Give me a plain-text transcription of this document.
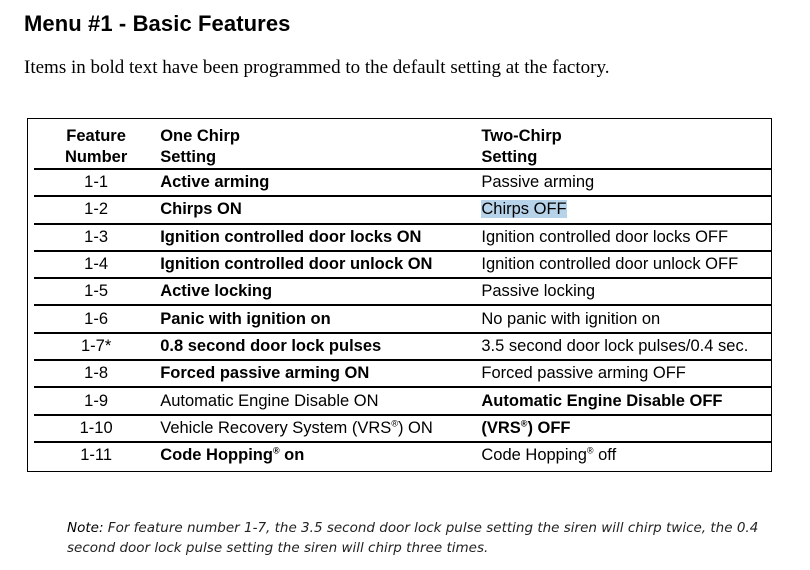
Menu #1 - Basic Features
Items in bold text have been programmed to the default setting at the factory.
Feature Number	One Chirp Setting	Two-Chirp Setting
1-1	Active arming	Passive arming
1-2	Chirps ON	Chirps OFF
1-3	Ignition controlled door locks ON	Ignition controlled door locks OFF
1-4	Ignition controlled door unlock ON	Ignition controlled door unlock OFF
1-5	Active locking	Passive locking
1-6	Panic with ignition on	No panic with ignition on
1-7*	0.8 second door lock pulses	3.5 second door lock pulses/0.4 sec.
1-8	Forced passive arming ON	Forced passive arming OFF
1-9	Automatic Engine Disable ON	Automatic Engine Disable OFF
1-10	Vehicle Recovery System (VRS®) ON	(VRS®) OFF
1-11	Code Hopping® on	Code Hopping® off
Note: For feature number 1-7, the 3.5 second door lock pulse setting the siren will chirp twice, the 0.4 second door lock pulse setting the siren will chirp three times.
